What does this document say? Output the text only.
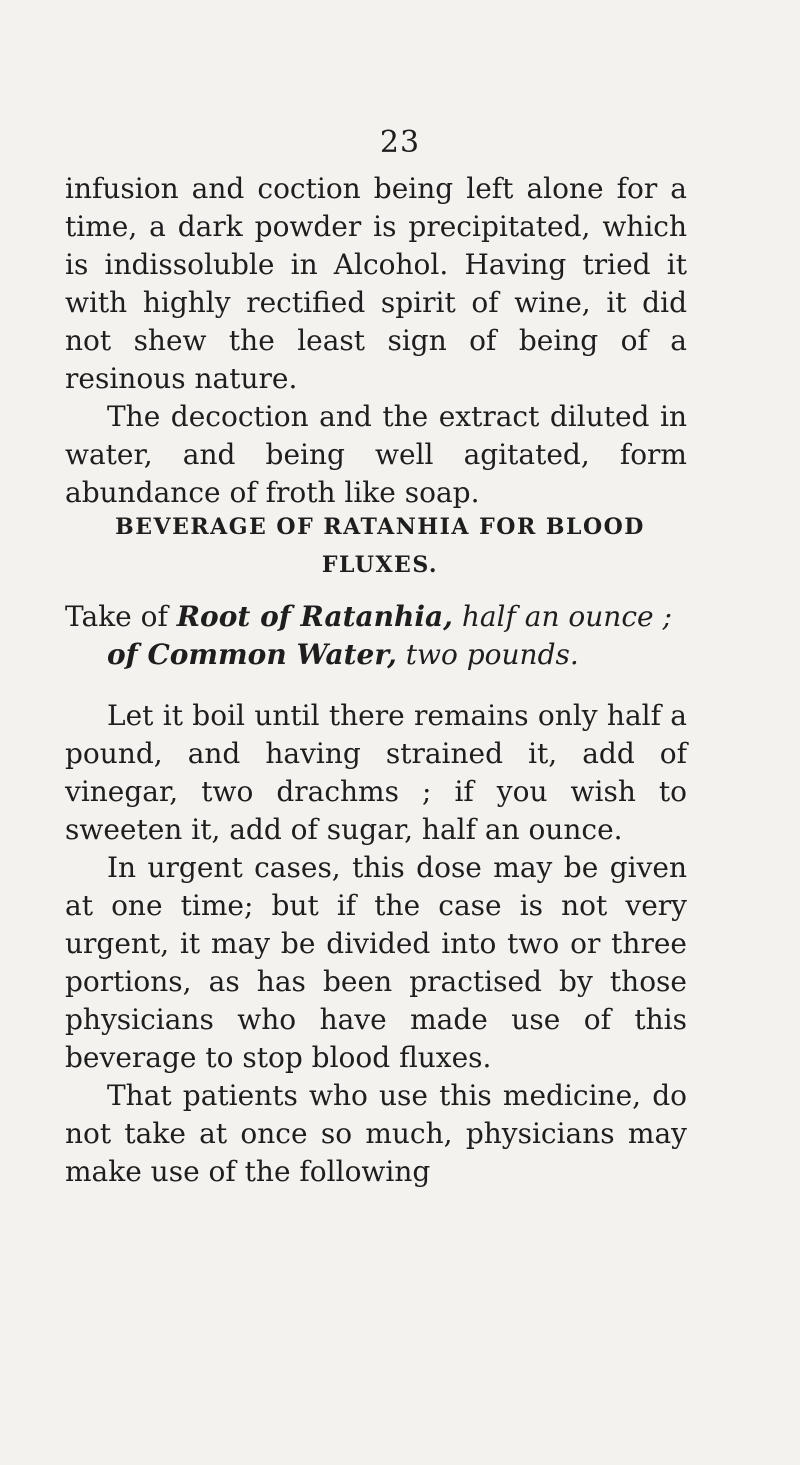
23

infusion and coction being left alone for a time, a dark powder is precipitated, which is indissoluble in Alcohol. Having tried it with highly rectified spirit of wine, it did not shew the least sign of being of a resinous nature.

The decoction and the extract diluted in water, and being well agitated, form abundance of froth like soap.

BEVERAGE OF RATANHIA FOR BLOOD
FLUXES.
Take of Root of Ratanhia, half an ounce ;
of Common Water, two pounds.

Let it boil until there remains only half a pound, and having strained it, add of vinegar, two drachms ; if you wish to sweeten it, add of sugar, half an ounce.

In urgent cases, this dose may be given at one time; but if the case is not very urgent, it may be divided into two or three portions, as has been practised by those physicians who have made use of this beverage to stop blood fluxes.

That patients who use this medicine, do not take at once so much, physicians may make use of the following
